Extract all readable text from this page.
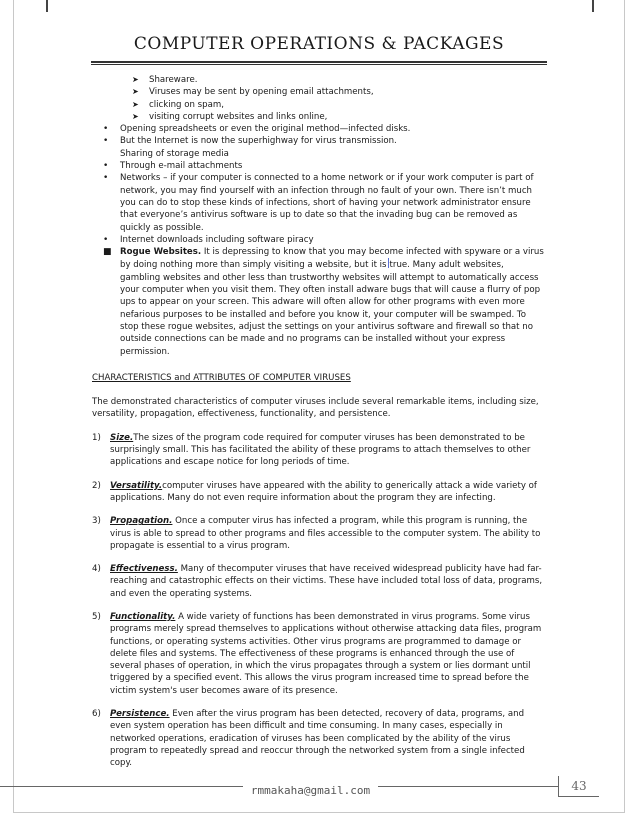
COMPUTER OPERATIONS & PACKAGES
➤ Shareware.
➤ Viruses may be sent by opening email attachments,
➤ clicking on spam,
➤ visiting corrupt websites and links online,
• Opening spreadsheets or even the original method—infected disks.
• But the Internet is now the superhighway for virus transmission.
Sharing of storage media
• Through e-mail attachments
• Networks – if your computer is connected to a home network or if your work computer is part of network, you may find yourself with an infection through no fault of your own. There isn’t much you can do to stop these kinds of infections, short of having your network administrator ensure that everyone’s antivirus software is up to date so that the invading bug can be removed as quickly as possible.
• Internet downloads including software piracy
■ Rogue Websites. It is depressing to know that you may become infected with spyware or a virus by doing nothing more than simply visiting a website, but it is true. Many adult websites, gambling websites and other less than trustworthy websites will attempt to automatically access your computer when you visit them. They often install adware bugs that will cause a flurry of pop ups to appear on your screen. This adware will often allow for other programs with even more nefarious purposes to be installed and before you know it, your computer will be swamped. To stop these rogue websites, adjust the settings on your antivirus software and firewall so that no outside connections can be made and no programs can be installed without your express permission.
CHARACTERISTICS and ATTRIBUTES OF COMPUTER VIRUSES
The demonstrated characteristics of computer viruses include several remarkable items, including size, versatility, propagation, effectiveness, functionality, and persistence.
1) Size.The sizes of the program code required for computer viruses has been demonstrated to be surprisingly small. This has facilitated the ability of these programs to attach themselves to other applications and escape notice for long periods of time.
2) Versatility.computer viruses have appeared with the ability to generically attack a wide variety of applications. Many do not even require information about the program they are infecting.
3) Propagation. Once a computer virus has infected a program, while this program is running, the virus is able to spread to other programs and files accessible to the computer system. The ability to propagate is essential to a virus program.
4) Effectiveness. Many of thecomputer viruses that have received widespread publicity have had far-reaching and catastrophic effects on their victims. These have included total loss of data, programs, and even the operating systems.
5) Functionality. A wide variety of functions has been demonstrated in virus programs. Some virus programs merely spread themselves to applications without otherwise attacking data files, program functions, or operating systems activities. Other virus programs are programmed to damage or delete files and systems. The effectiveness of these programs is enhanced through the use of several phases of operation, in which the virus propagates through a system or lies dormant until triggered by a specified event. This allows the virus program increased time to spread before the victim system's user becomes aware of its presence.
6) Persistence. Even after the virus program has been detected, recovery of data, programs, and even system operation has been difficult and time consuming. In many cases, especially in networked operations, eradication of viruses has been complicated by the ability of the virus program to repeatedly spread and reoccur through the networked system from a single infected copy.
rmmakaha@gmail.com	43
